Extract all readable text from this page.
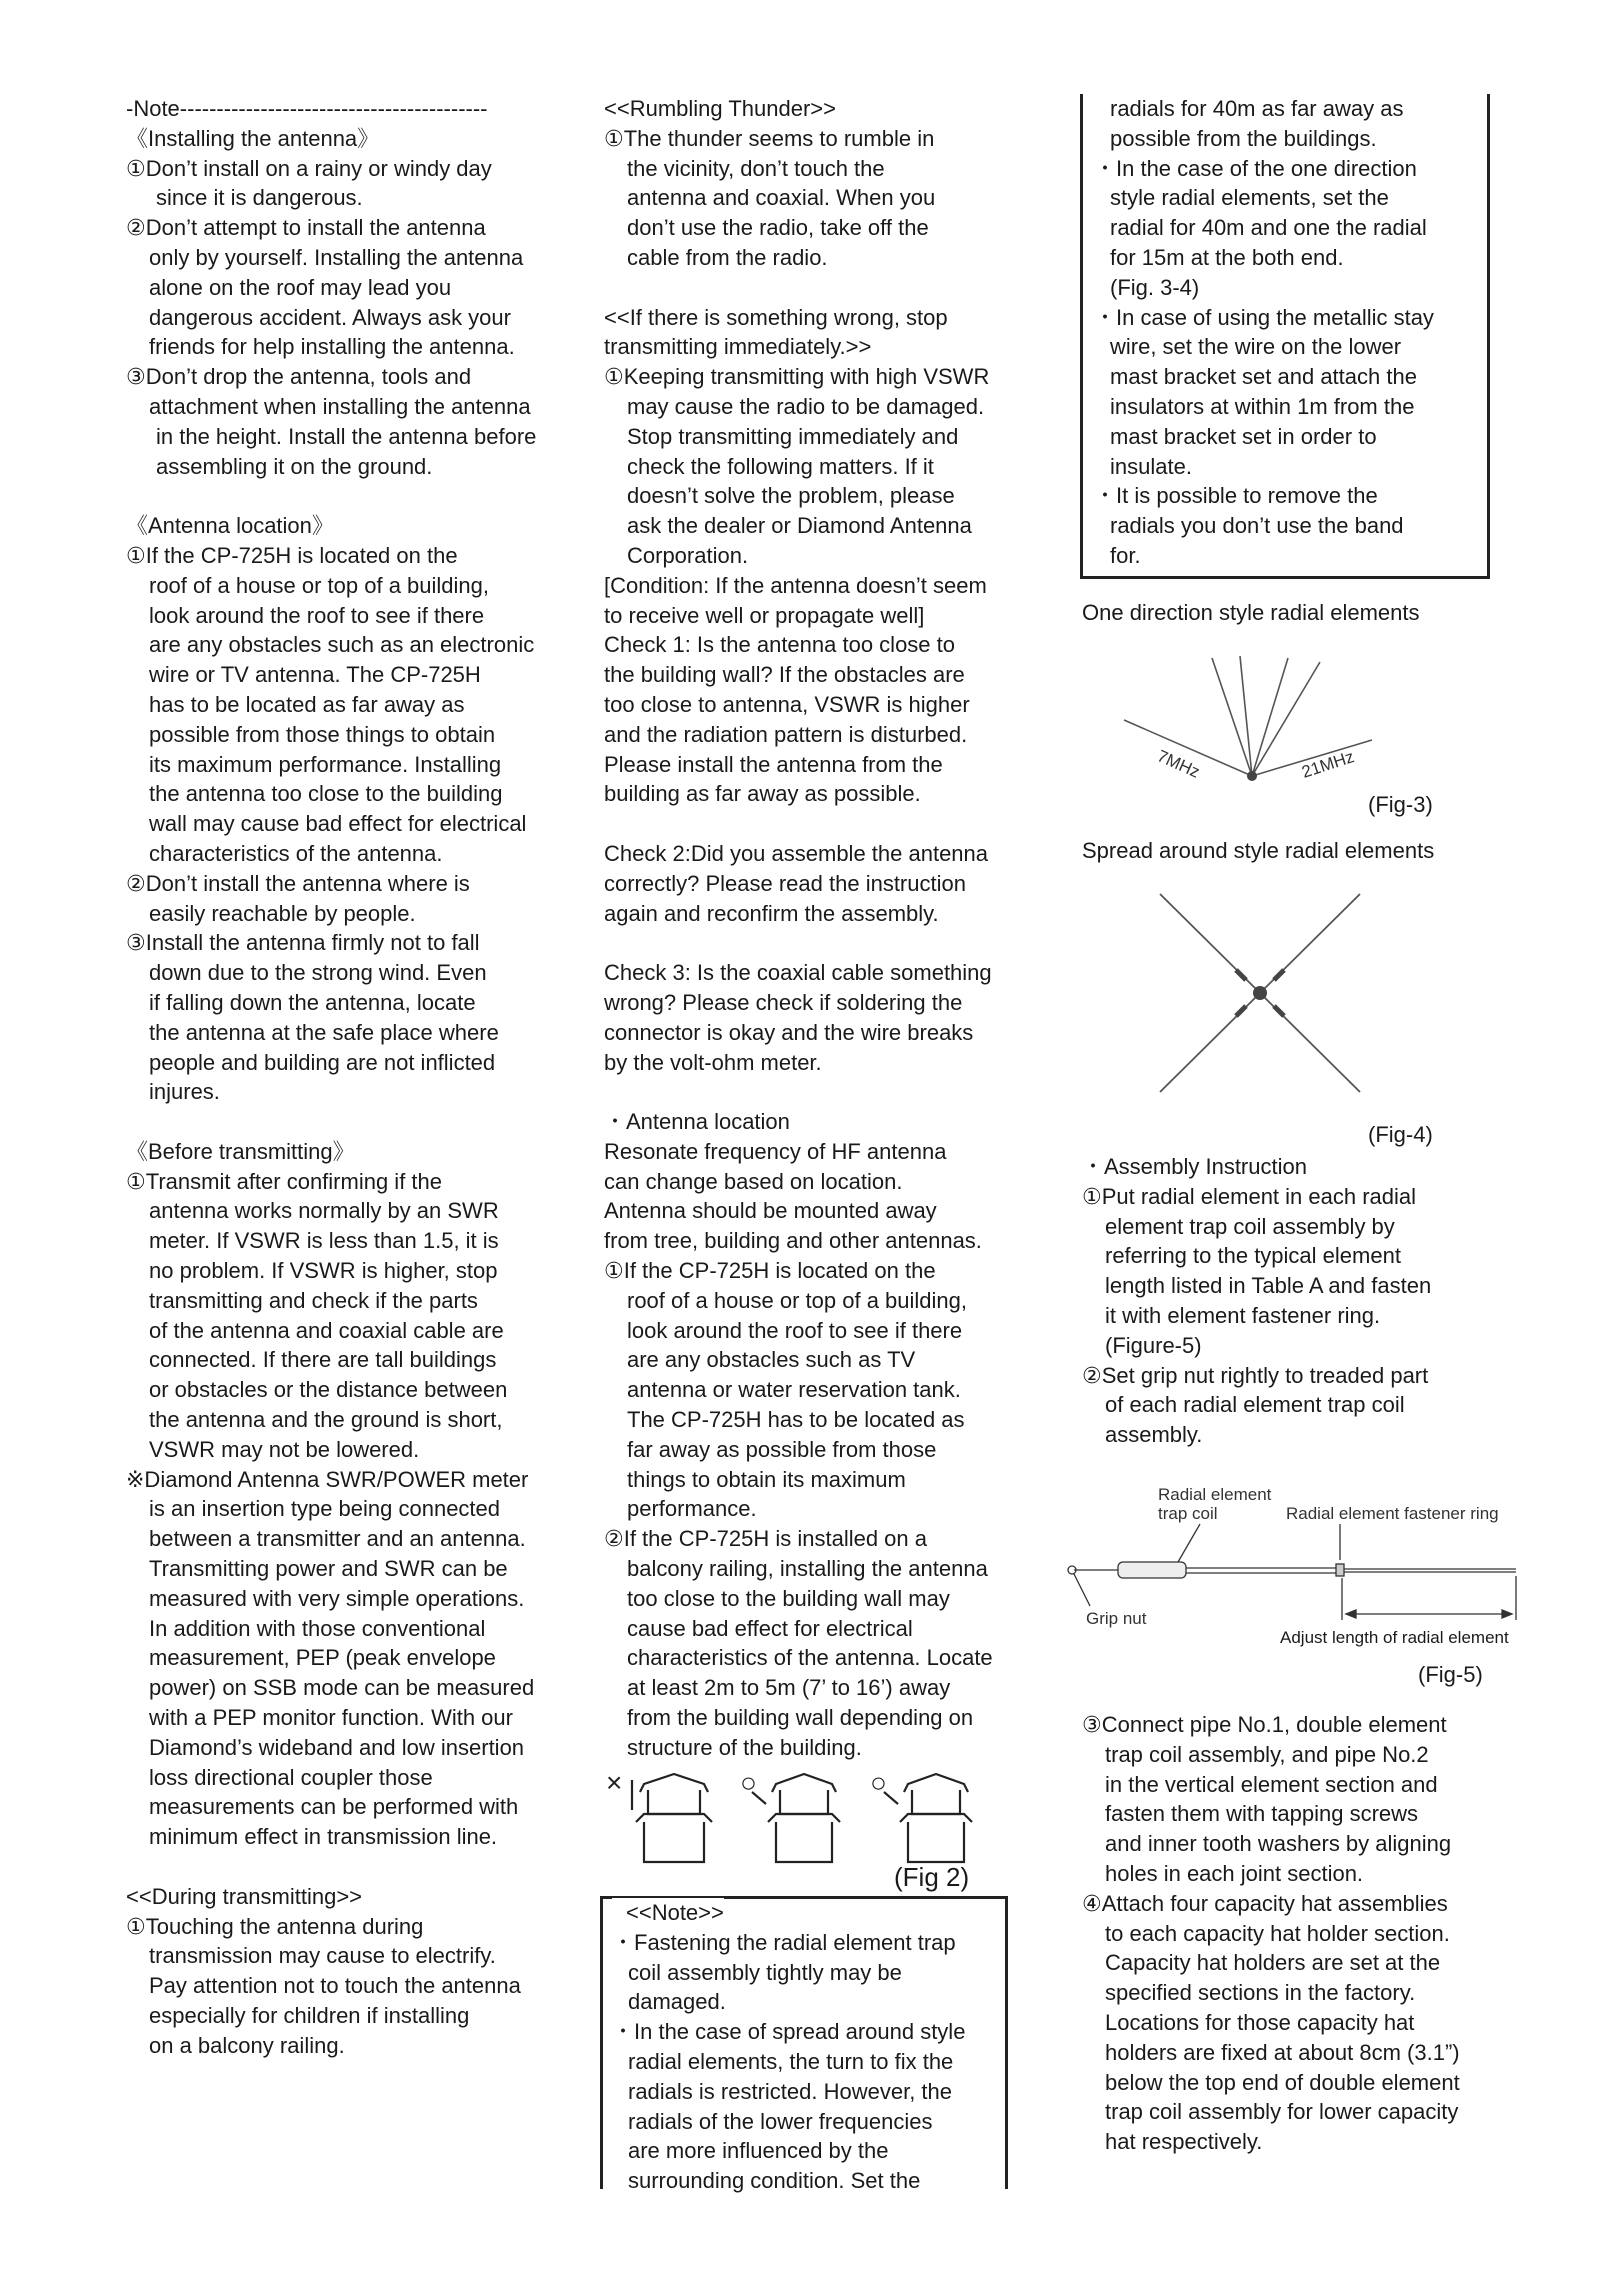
-Note------------------------------------------

《Installing the antenna》

①Don’t install on a rainy or windy day

since it is dangerous.

②Don’t attempt to install the antenna

only by yourself. Installing the antenna

alone on the roof may lead you

dangerous accident. Always ask your

friends for help installing the antenna.

③Don’t drop the antenna, tools and

attachment when installing the antenna

in the height. Install the antenna before

assembling it on the ground.

《Antenna location》

①If the CP-725H is located on the

roof of a house or top of a building,

look around the roof to see if there

are any obstacles such as an electronic

wire or TV antenna. The CP-725H

has to be located as far away as

possible from those things to obtain

its maximum performance. Installing

the antenna too close to the building

wall may cause bad effect for electrical

characteristics of the antenna.

②Don’t install the antenna where is

easily reachable by people.

③Install the antenna firmly not to fall

down due to the strong wind. Even

if falling down the antenna, locate

the antenna at the safe place where

people and building are not inflicted

injures.

《Before transmitting》

①Transmit after confirming if the

antenna works normally by an SWR

meter. If VSWR is less than 1.5, it is

no problem. If VSWR is higher, stop

transmitting and check if the parts

of the antenna and coaxial cable are

connected. If there are tall buildings

or obstacles or the distance between

the antenna and the ground is short,

VSWR may not be lowered.

※Diamond Antenna SWR/POWER meter

is an insertion type being connected

between a transmitter and an antenna.

Transmitting power and SWR can be

measured with very simple operations.

In addition with those conventional

measurement, PEP (peak envelope

power) on SSB mode can be measured

with a PEP monitor function. With our

Diamond’s wideband and low insertion

loss directional coupler those

measurements can be performed with

minimum effect in transmission line.

<<During transmitting>>

①Touching the antenna during

transmission may cause to electrify.

Pay attention not to touch the antenna

especially for children if installing

on a balcony railing.

<<Rumbling Thunder>>

①The thunder seems to rumble in

the vicinity, don’t touch the

antenna and coaxial. When you

don’t use the radio, take off the

cable from the radio.

<<If there is something wrong, stop

transmitting immediately.>>

①Keeping transmitting with high VSWR

may cause the radio to be damaged.

Stop transmitting immediately and

check the following matters. If it

doesn’t solve the problem, please

ask the dealer or Diamond Antenna

Corporation.

[Condition: If the antenna doesn’t seem

to receive well or propagate well]

Check 1: Is the antenna too close to

the building wall? If the obstacles are

too close to antenna, VSWR is higher

and the radiation pattern is disturbed.

Please install the antenna from the

building as far away as possible.

Check 2:Did you assemble the antenna

correctly? Please read the instruction

again and reconfirm the assembly.

Check 3: Is the coaxial cable something

wrong? Please check if soldering the

connector is okay and the wire breaks

by the volt-ohm meter.

・Antenna location

Resonate frequency of HF antenna

can change based on location.

Antenna should be mounted away

from tree, building and other antennas.

①If the CP-725H is located on the

roof of a house or top of a building,

look around the roof to see if there

are any obstacles such as TV

antenna or water reservation tank.

The CP-725H has to be located as

far away as possible from those

things to obtain its maximum

performance.

②If the CP-725H is installed on a

balcony railing, installing the antenna

too close to the building wall may

cause bad effect for electrical

characteristics of the antenna. Locate

at least 2m to 5m (7’ to 16’) away

from the building wall depending on

structure of the building.

×	○	○
(Fig 2)

<<Note>>

・Fastening the radial element trap

coil assembly tightly may be

damaged.

・In the case of spread around style

radial elements, the turn to fix the

radials is restricted. However, the

radials of the lower frequencies

are more influenced by the

surrounding condition. Set the

radials for 40m as far away as

possible from the buildings.

・In the case of the one direction

style radial elements, set the

radial for 40m and one the radial

for 15m at the both end.

(Fig. 3-4)

・In case of using the metallic stay

wire, set the wire on the lower

mast bracket set and attach the

insulators at within 1m from the

mast bracket set in order to

insulate.

・It is possible to remove the

radials you don’t use the band

for.

One direction style radial elements
7MHz	21MHz
(Fig-3)
Spread around style radial elements
(Fig-4)

・Assembly Instruction

①Put radial element in each radial

element trap coil assembly by

referring to the typical element

length listed in Table A and fasten

it with element fastener ring.

(Figure-5)

②Set grip nut rightly to treaded part

of each radial element trap coil

assembly.

Radial element
trap coil	Radial element fastener ring
Grip nut
Adjust length of radial element
(Fig-5)

③Connect pipe No.1, double element

trap coil assembly, and pipe No.2

in the vertical element section and

fasten them with tapping screws

and inner tooth washers by aligning

holes in each joint section.

④Attach four capacity hat assemblies

to each capacity hat holder section.

Capacity hat holders are set at the

specified sections in the factory.

Locations for those capacity hat

holders are fixed at about 8cm (3.1”)

below the top end of double element

trap coil assembly for lower capacity

hat respectively.
